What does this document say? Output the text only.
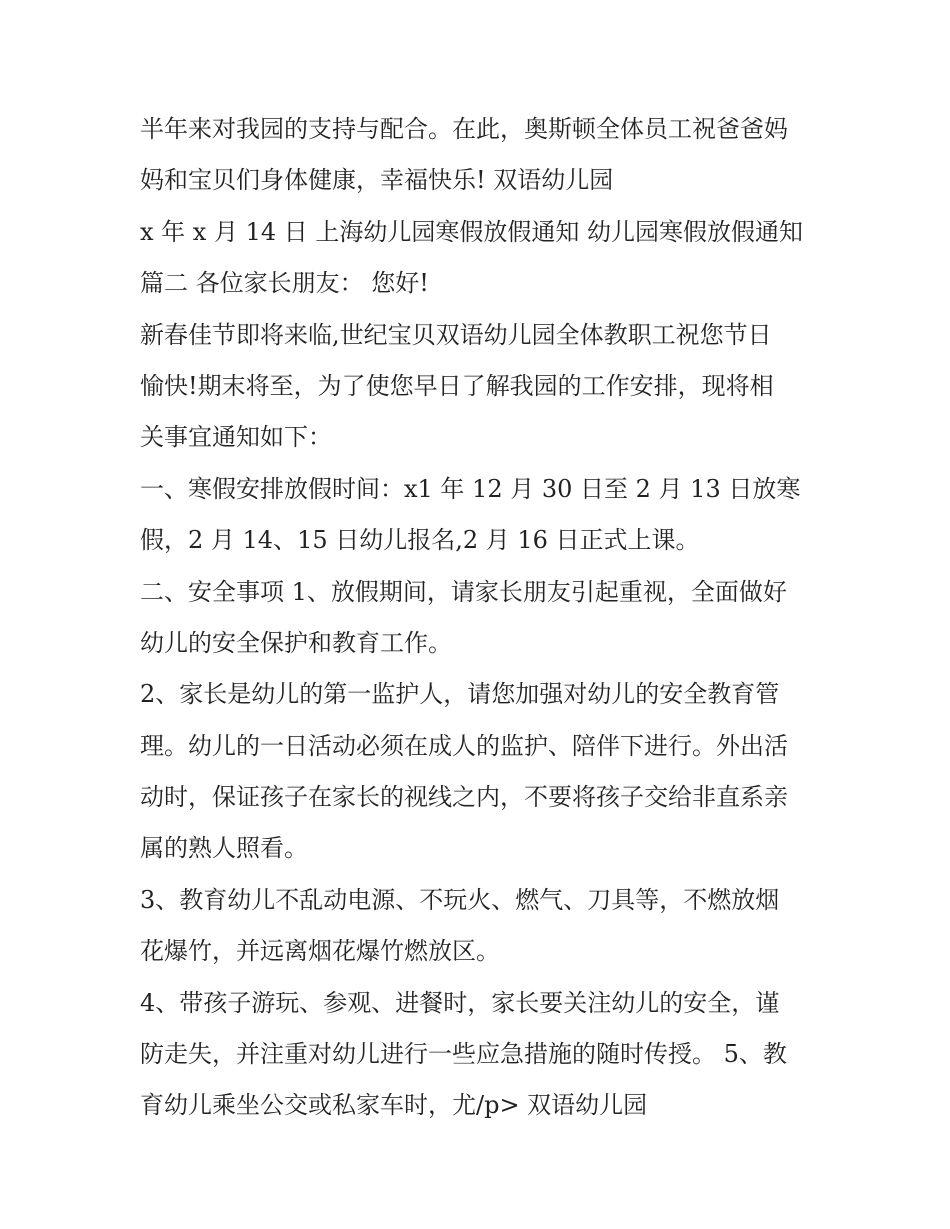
半年来对我园的支持与配合。在此，奥斯顿全体员工祝爸爸妈
妈和宝贝们身体健康，幸福快乐! 双语幼儿园
x 年 x 月 14 日 上海幼儿园寒假放假通知 幼儿园寒假放假通知
篇二 各位家长朋友： 您好!
新春佳节即将来临,世纪宝贝双语幼儿园全体教职工祝您节日
愉快!期末将至，为了使您早日了解我园的工作安排，现将相
关事宜通知如下：
一、寒假安排放假时间：x1 年 12 月 30 日至 2 月 13 日放寒
假，2 月 14、15 日幼儿报名,2 月 16 日正式上课。
二、安全事项 1、放假期间，请家长朋友引起重视，全面做好
幼儿的安全保护和教育工作。
2、家长是幼儿的第一监护人，请您加强对幼儿的安全教育管
理。幼儿的一日活动必须在成人的监护、陪伴下进行。外出活
动时，保证孩子在家长的视线之内，不要将孩子交给非直系亲
属的熟人照看。
3、教育幼儿不乱动电源、不玩火、燃气、刀具等，不燃放烟
花爆竹，并远离烟花爆竹燃放区。
4、带孩子游玩、参观、进餐时，家长要关注幼儿的安全，谨
防走失，并注重对幼儿进行一些应急措施的随时传授。 5、教
育幼儿乘坐公交或私家车时，尤/p> 双语幼儿园
